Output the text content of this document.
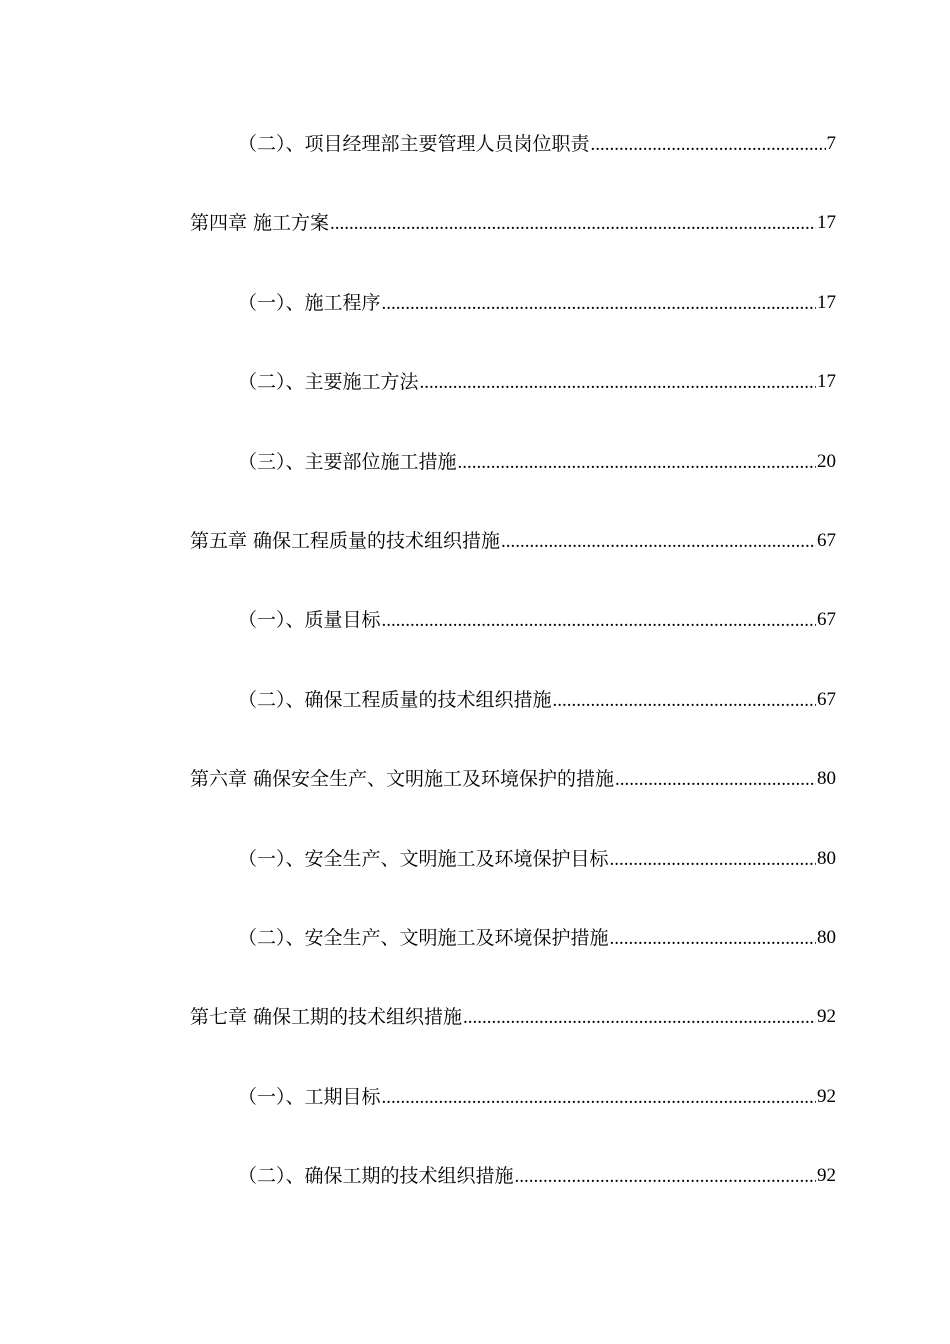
（二）、项目经理部主要管理人员岗位职责 .....	7
第四章 施工方案 .....	17
（一）、施工程序 .....	17
（二）、主要施工方法 .....	17
（三）、主要部位施工措施 .....	20
第五章 确保工程质量的技术组织措施 .....	67
（一）、质量目标 .....	67
（二）、确保工程质量的技术组织措施 .....	67
第六章 确保安全生产、文明施工及环境保护的措施 .....	80
（一）、安全生产、文明施工及环境保护目标 .....	80
（二）、安全生产、文明施工及环境保护措施 .....	80
第七章 确保工期的技术组织措施 .....	92
（一）、工期目标 .....	92
（二）、确保工期的技术组织措施 .....	92
